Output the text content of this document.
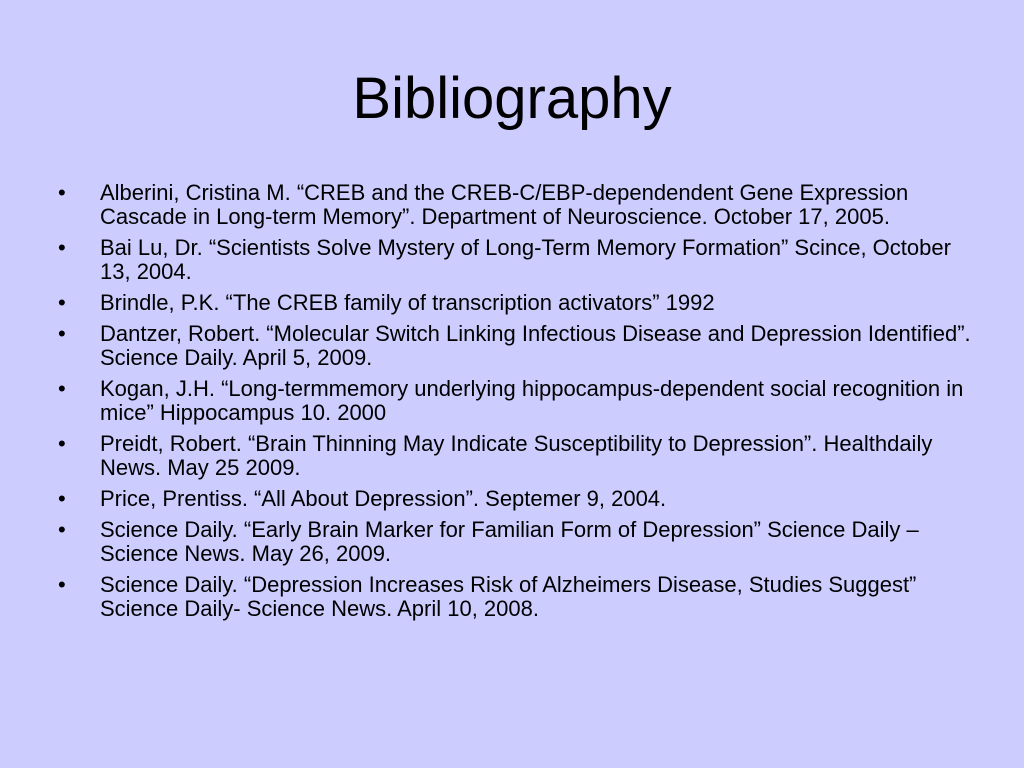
Bibliography
• Alberini, Cristina M. “CREB and the CREB-C/EBP-dependendent Gene Expression Cascade in Long-term Memory”. Department of Neuroscience. October 17, 2005.
• Bai Lu, Dr. “Scientists Solve Mystery of Long-Term Memory Formation” Scince, October 13, 2004.
• Brindle, P.K. “The CREB family of transcription activators” 1992
• Dantzer, Robert. “Molecular Switch Linking Infectious Disease and Depression Identified”. Science Daily. April 5, 2009.
• Kogan, J.H. “Long-termmemory underlying hippocampus-dependent social recognition in mice” Hippocampus 10. 2000
• Preidt, Robert. “Brain Thinning May Indicate Susceptibility to Depression”. Healthdaily News. May 25 2009.
• Price, Prentiss. “All About Depression”. Septemer 9, 2004.
• Science Daily. “Early Brain Marker for Familian Form of Depression” Science Daily – Science News. May 26, 2009.
• Science Daily. “Depression Increases Risk of Alzheimers Disease, Studies Suggest” Science Daily- Science News. April 10, 2008.
